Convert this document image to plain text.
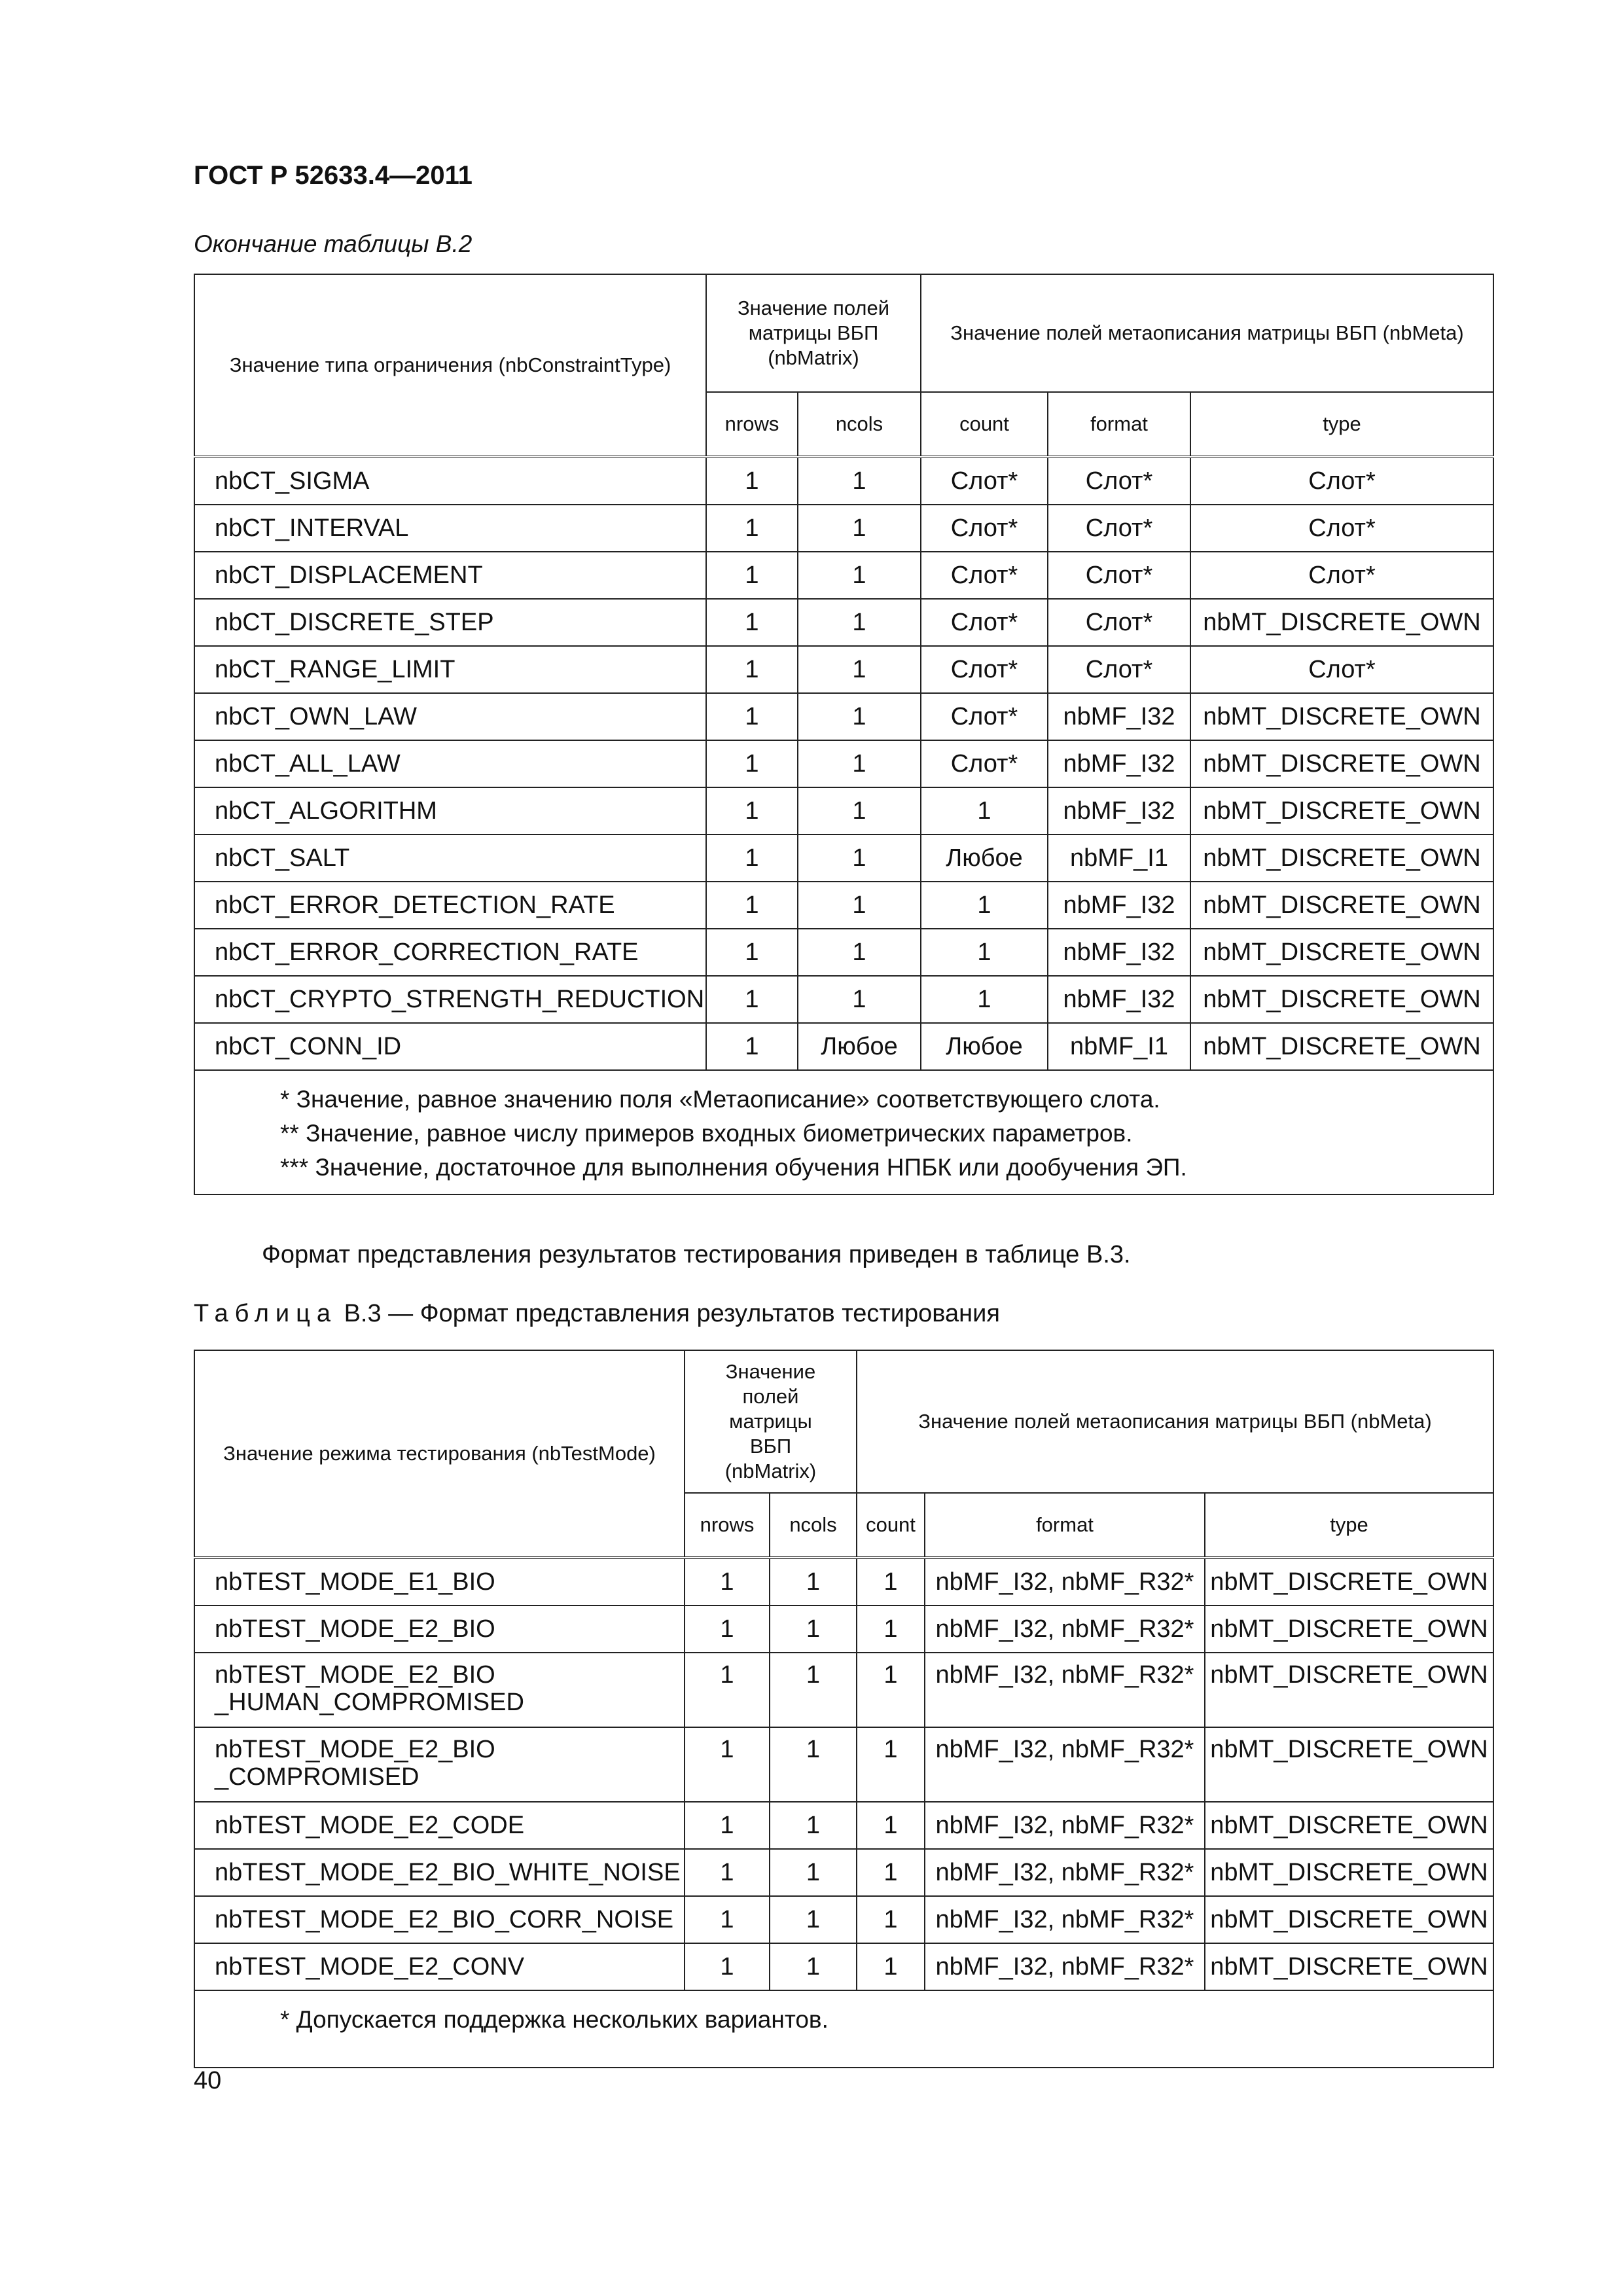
ГОСТ Р 52633.4—2011
Окончание таблицы В.2
Значение типа ограничения (nbConstraintType)	Значение полей матрицы ВБП (nbMatrix)		Значение полей метаописания матрицы ВБП (nbMeta)		
	nrows	ncols	count	format	type
nbCT_SIGMA	1	1	Слот*	Слот*	Слот*
nbCT_INTERVAL	1	1	Слот*	Слот*	Слот*
nbCT_DISPLACEMENT	1	1	Слот*	Слот*	Слот*
nbCT_DISCRETE_STEP	1	1	Слот*	Слот*	nbMT_DISCRETE_OWN
nbCT_RANGE_LIMIT	1	1	Слот*	Слот*	Слот*
nbCT_OWN_LAW	1	1	Слот*	nbMF_I32	nbMT_DISCRETE_OWN
nbCT_ALL_LAW	1	1	Слот*	nbMF_I32	nbMT_DISCRETE_OWN
nbCT_ALGORITHM	1	1	1	nbMF_I32	nbMT_DISCRETE_OWN
nbCT_SALT	1	1	Любое	nbMF_I1	nbMT_DISCRETE_OWN
nbCT_ERROR_DETECTION_RATE	1	1	1	nbMF_I32	nbMT_DISCRETE_OWN
nbCT_ERROR_CORRECTION_RATE	1	1	1	nbMF_I32	nbMT_DISCRETE_OWN
nbCT_CRYPTO_STRENGTH_REDUCTION	1	1	1	nbMF_I32	nbMT_DISCRETE_OWN
nbCT_CONN_ID	1	Любое	Любое	nbMF_I1	nbMT_DISCRETE_OWN

* Значение, равное значению поля «Метаописание» соответствующего слота.
** Значение, равное числу примеров входных биометрических параметров.
*** Значение, достаточное для выполнения обучения НПБК или дообучения ЭП.					
Формат представления результатов тестирования приведен в таблице В.3.
Таблица В.3 — Формат представления результатов тестирования
Значение режима тестирования (nbTestMode)	Значение полей матрицы ВБП (nbMatrix)		Значение полей метаописания матрицы ВБП (nbMeta)		
	nrows	ncols	count	format	type
nbTEST_MODE_E1_BIO	1	1	1	nbMF_I32, nbMF_R32*	nbMT_DISCRETE_OWN
nbTEST_MODE_E2_BIO	1	1	1	nbMF_I32, nbMF_R32*	nbMT_DISCRETE_OWN
nbTEST_MODE_E2_BIO
_HUMAN_COMPROMISED	1	1	1	nbMF_I32, nbMF_R32*	nbMT_DISCRETE_OWN
nbTEST_MODE_E2_BIO
_COMPROMISED	1	1	1	nbMF_I32, nbMF_R32*	nbMT_DISCRETE_OWN
nbTEST_MODE_E2_CODE	1	1	1	nbMF_I32, nbMF_R32*	nbMT_DISCRETE_OWN
nbTEST_MODE_E2_BIO_WHITE_NOISE	1	1	1	nbMF_I32, nbMF_R32*	nbMT_DISCRETE_OWN
nbTEST_MODE_E2_BIO_CORR_NOISE	1	1	1	nbMF_I32, nbMF_R32*	nbMT_DISCRETE_OWN
nbTEST_MODE_E2_CONV	1	1	1	nbMF_I32, nbMF_R32*	nbMT_DISCRETE_OWN

* Допускается поддержка нескольких вариантов.					
40
